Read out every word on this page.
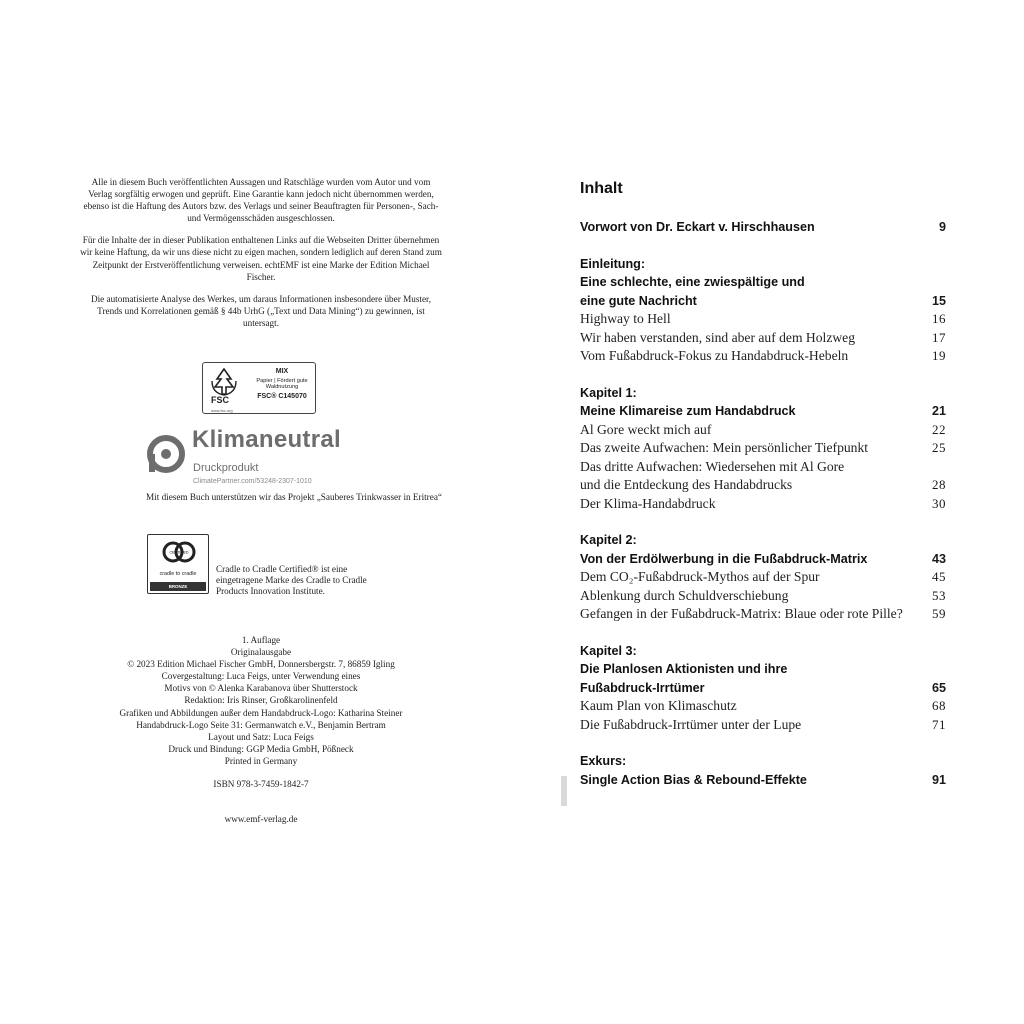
Alle in diesem Buch veröffentlichten Aussagen und Ratschläge wurden vom Autor und vom Verlag sorgfältig erwogen und geprüft. Eine Garantie kann jedoch nicht übernommen werden, ebenso ist die Haftung des Autors bzw. des Verlags und seiner Beauftragten für Personen-, Sach- und Vermögensschäden ausgeschlossen.

Für die Inhalte der in dieser Publikation enthaltenen Links auf die Webseiten Dritter übernehmen wir keine Haftung, da wir uns diese nicht zu eigen machen, sondern lediglich auf deren Stand zum Zeitpunkt der Erstveröffentlichung verweisen. echtEMF ist eine Marke der Edition Michael Fischer.

Die automatisierte Analyse des Werkes, um daraus Informationen insbesondere über Muster, Trends und Korrelationen gemäß § 44b UrhG („Text und Data Mining“) zu gewinnen, ist untersagt.

FSC
www.fsc.org
MIX
Papier | Fördert gute Waldnutzung
FSC® C145070
Klimaneutral
Druckprodukt
ClimatePartner.com/53248-2307-1010
Mit diesem Buch unterstützen wir das Projekt „Sauberes Trinkwasser in Eritrea“
CERTIFIED
cradle to cradle
BRONZE
Cradle to Cradle Certified® ist eine eingetragene Marke des Cradle to Cradle Products Innovation Institute.
1. Auflage
Originalausgabe
© 2023 Edition Michael Fischer GmbH, Donnersbergstr. 7, 86859 Igling
Covergestaltung: Luca Feigs, unter Verwendung eines
Motivs von © Alenka Karabanova über Shutterstock
Redaktion: Iris Rinser, Großkarolinenfeld
Grafiken und Abbildungen außer dem Handabdruck-Logo: Katharina Steiner
Handabdruck-Logo Seite 31: Germanwatch e.V., Benjamin Bertram
Layout und Satz: Luca Feigs
Druck und Bindung: GGP Media GmbH, Pößneck
Printed in Germany
ISBN 978-3-7459-1842-7
www.emf-verlag.de
Inhalt
Vorwort von Dr. Eckart v. Hirschhausen	9
Einleitung:
Eine schlechte, eine zwiespältige und
eine gute Nachricht	15
Highway to Hell	16
Wir haben verstanden, sind aber auf dem Holzweg	17
Vom Fußabdruck-Fokus zu Handabdruck-Hebeln	19
Kapitel 1:
Meine Klimareise zum Handabdruck	21
Al Gore weckt mich auf	22
Das zweite Aufwachen: Mein persönlicher Tiefpunkt	25
Das dritte Aufwachen: Wiedersehen mit Al Gore
und die Entdeckung des Handabdrucks	28
Der Klima-Handabdruck	30
Kapitel 2:
Von der Erdölwerbung in die Fußabdruck-Matrix	43
Dem CO₂-Fußabdruck-Mythos auf der Spur	45
Ablenkung durch Schuldverschiebung	53
Gefangen in der Fußabdruck-Matrix: Blaue oder rote Pille? 59
Kapitel 3:
Die Planlosen Aktionisten und ihre
Fußabdruck-Irrtümer	65
Kaum Plan von Klimaschutz	68
Die Fußabdruck-Irrtümer unter der Lupe	71
Exkurs:
Single Action Bias & Rebound-Effekte	91
